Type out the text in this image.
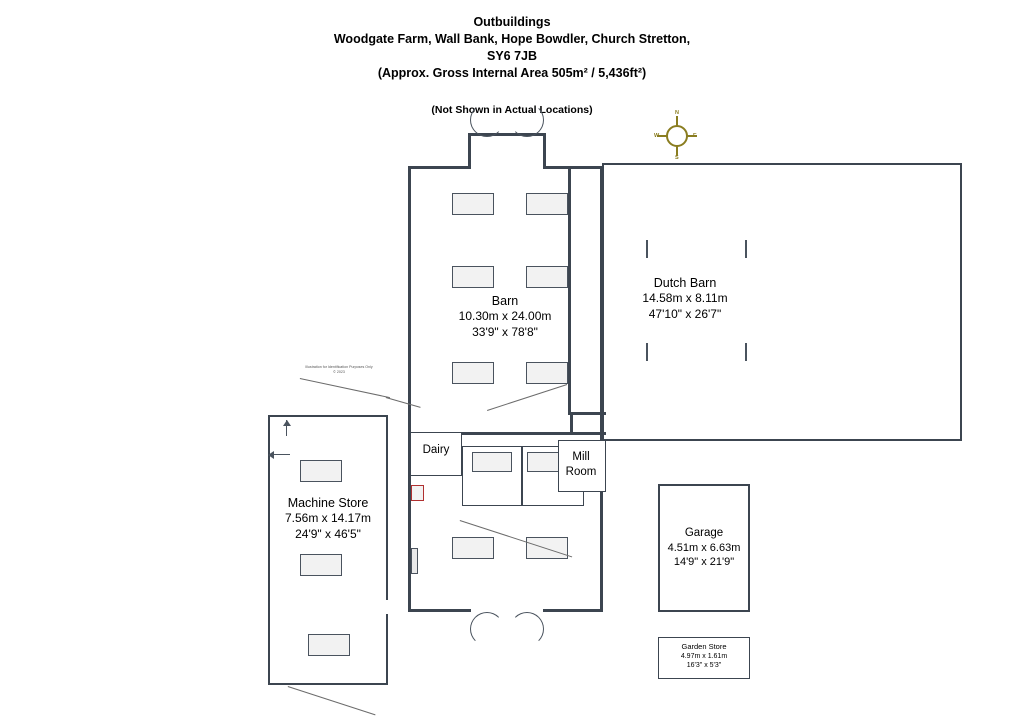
Outbuildings
Woodgate Farm, Wall Bank, Hope Bowdler, Church Stretton,
SY6 7JB
(Approx. Gross Internal Area 505m² / 5,436ft²)
(Not Shown in Actual Locations)	N
E
S
W
Dutch Barn
14.58m x 8.11m
47'10" x 26'7"
Barn
10.30m x 24.00m
33'9" x 78'8"
Dairy
Mill
Room
Illustration for Identification Purposes Only
© 2023
Machine Store
7.56m x 14.17m
24'9" x 46'5"	Garage
4.51m x 6.63m
14'9" x 21'9"
Garden Store
4.97m x 1.61m
16'3" x 5'3"
